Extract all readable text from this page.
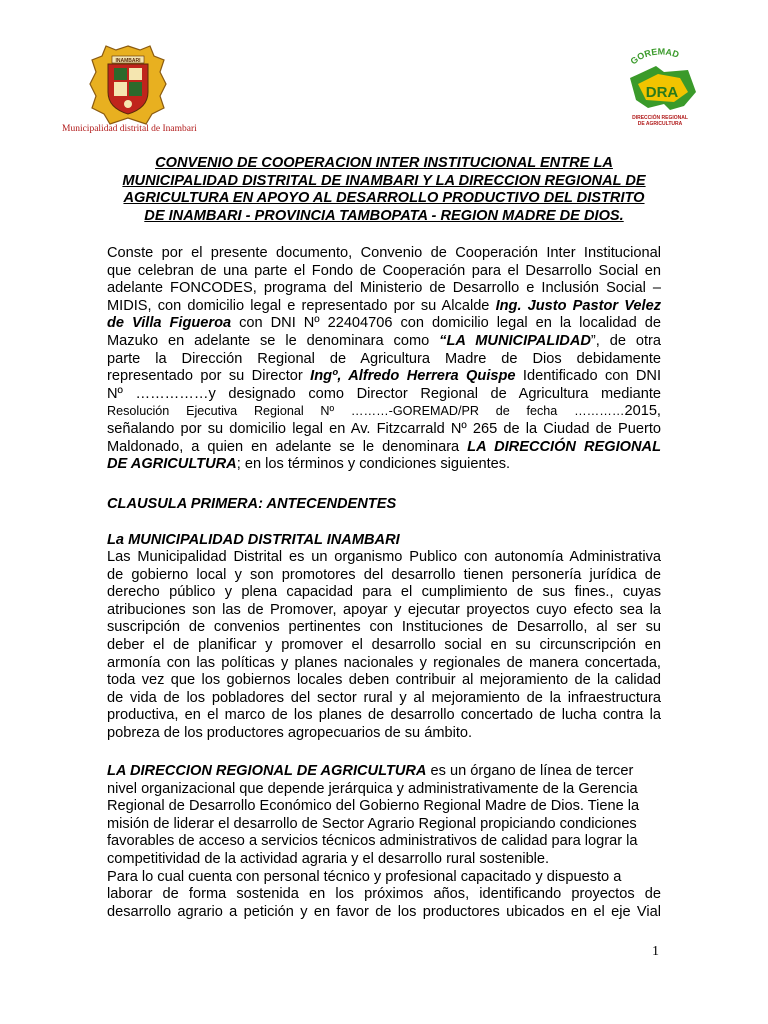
INAMBARI
Municipalidad distrital de Inambari
GOREMAD
DRA
DIRECCIÓN REGIONAL
DE AGRICULTURA
CONVENIO DE COOPERACION INTER INSTITUCIONAL ENTRE LA
MUNICIPALIDAD DISTRITAL DE INAMBARI Y LA DIRECCION REGIONAL DE
AGRICULTURA EN APOYO AL DESARROLLO PRODUCTIVO DEL DISTRITO
DE INAMBARI - PROVINCIA TAMBOPATA - REGION MADRE DE DIOS.
Conste por el presente documento, Convenio de Cooperación Inter Institucional
que celebran de una parte el Fondo de Cooperación para el Desarrollo Social en
adelante FONCODES, programa del Ministerio de Desarrollo e Inclusión Social –
MIDIS, con domicilio legal e representado por su Alcalde Ing. Justo Pastor Velez
de Villa Figueroa con DNI Nº 22404706 con domicilio legal en la localidad de
Mazuko en adelante se le denominara como “LA MUNICIPALIDAD”, de otra
parte la Dirección Regional de Agricultura Madre de Dios debidamente
representado por su Director Ingº, Alfredo Herrera Quispe Identificado con DNI
Nº ……………y designado como Director Regional de Agricultura mediante
Resolución Ejecutiva Regional Nº ………-GOREMAD/PR de fecha …………2015,
señalando por su domicilio legal en Av. Fitzcarrald Nº 265 de la Ciudad de Puerto
Maldonado, a quien en adelante se le denominara LA DIRECCIÓN REGIONAL
DE AGRICULTURA; en los términos y condiciones siguientes.
CLAUSULA PRIMERA: ANTECENDENTES
La MUNICIPALIDAD DISTRITAL INAMBARI
Las Municipalidad Distrital es un organismo Publico con autonomía Administrativa
de gobierno local y son promotores del desarrollo tienen personería jurídica de
derecho público y plena capacidad para el cumplimiento de sus fines., cuyas
atribuciones son las de Promover, apoyar y ejecutar proyectos cuyo efecto sea la
suscripción de convenios pertinentes con Instituciones de Desarrollo, al ser su
deber el de planificar y promover el desarrollo social en su circunscripción en
armonía con las políticas y planes nacionales y regionales de manera concertada,
toda vez que los gobiernos locales deben contribuir al mejoramiento de la calidad
de vida de los pobladores del sector rural y al mejoramiento de la infraestructura
productiva, en el marco de los planes de desarrollo concertado de lucha contra la
pobreza de los productores agropecuarios de su ámbito.
LA DIRECCION REGIONAL DE AGRICULTURA es un órgano de línea de tercer
nivel organizacional que depende jerárquica y administrativamente de la Gerencia
Regional de Desarrollo Económico del Gobierno Regional Madre de Dios. Tiene la
misión de liderar el desarrollo de Sector Agrario Regional propiciando condiciones
favorables de acceso a servicios técnicos administrativos de calidad para lograr la
competitividad de la actividad agraria y el desarrollo rural sostenible.
Para lo cual cuenta con personal técnico y profesional capacitado y dispuesto a
laborar de forma sostenida en los próximos años, identificando proyectos de
desarrollo agrario a petición y en favor de los productores ubicados en el eje Vial
1
